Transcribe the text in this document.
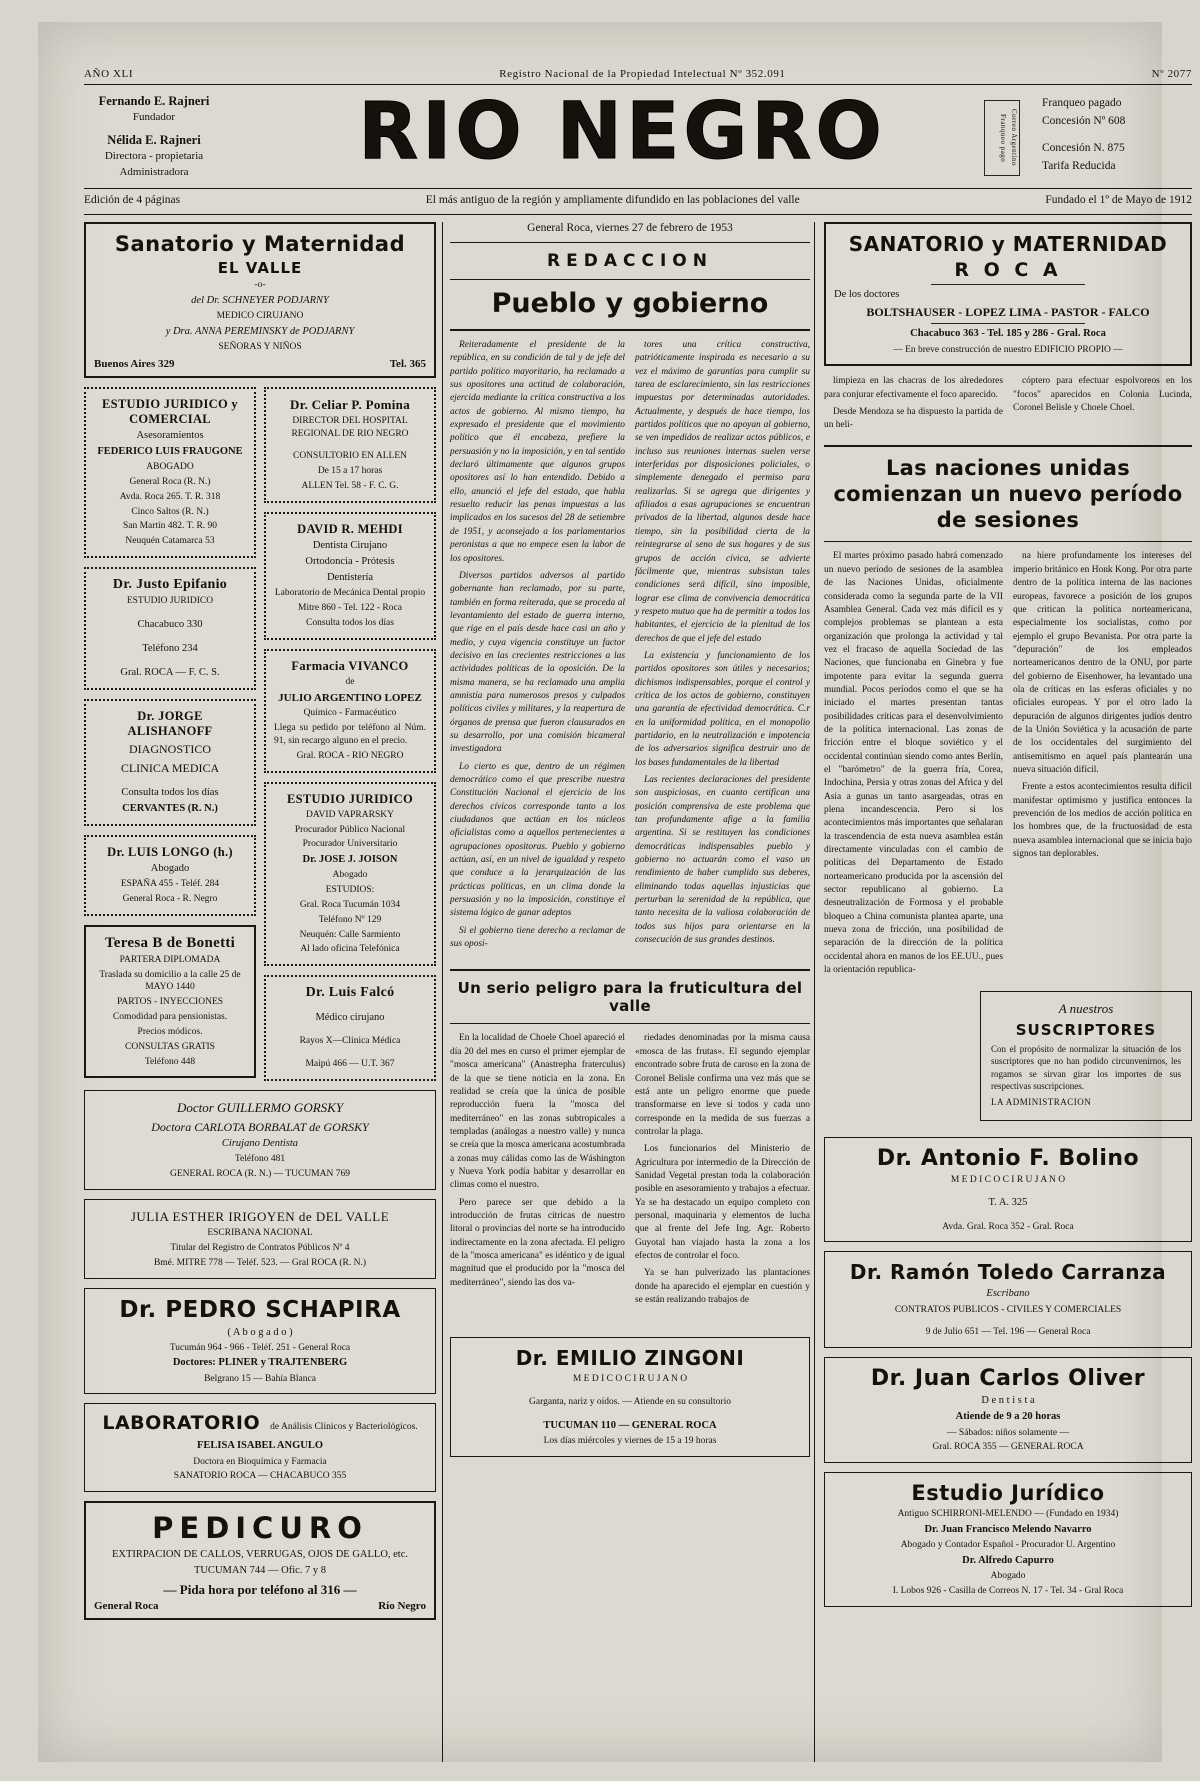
AÑO XLI	Registro Nacional de la Propiedad Intelectual Nº 352.091	Nº 2077
Fernando E. Rajneri
Fundador
Nélida E. Rajneri
Directora - propietaria
Administradora	RIO NEGRO	Franqueo pagado
Concesión Nº 608
Concesión N. 875
Tarifa Reducida
Correo Argentino Franqueo pago
Edición de 4 páginas	El más antiguo de la región y ampliamente difundido en las poblaciones del valle	Fundado el 1º de Mayo de 1912
Sanatorio y Maternidad
EL VALLE

-o-

del Dr. SCHNEYER PODJARNY

MEDICO CIRUJANO

y Dra. ANNA PEREMINSKY de PODJARNY

SEÑORAS Y NIÑOS

Buenos Aires 329	Tel. 365
ESTUDIO JURIDICO y COMERCIAL

Asesoramientos

FEDERICO LUIS FRAUGONE

ABOGADO

General Roca (R. N.)

Avda. Roca 265. T. R. 318

Cinco Saltos (R. N.)

San Martín 482. T. R. 90

Neuquén Catamarca 53

Dr. Justo Epifanio

ESTUDIO JURIDICO

Chacabuco 330

Teléfono 234

Gral. ROCA — F. C. S.

Dr. JORGE ALISHANOFF

DIAGNOSTICO

CLINICA MEDICA

Consulta todos los días

CERVANTES (R. N.)

Dr. LUIS LONGO (h.)

Abogado

ESPAÑA 455 - Teléf. 284

General Roca - R. Negro

Teresa B de Bonetti

PARTERA DIPLOMADA

Traslada su domicilio a la calle 25 de MAYO 1440

PARTOS - INYECCIONES

Comodidad para pensionistas.

Precios módicos.

CONSULTAS GRATIS

Teléfono 448

Dr. Celiar P. Pomina

DIRECTOR DEL HOSPITAL REGIONAL DE RIO NEGRO

CONSULTORIO EN ALLEN

De 15 a 17 horas

ALLEN Tel. 58 - F. C. G.

DAVID R. MEHDI

Dentista Cirujano

Ortodoncia - Prótesis

Dentistería

Laboratorio de Mecánica Dental propio

Mitre 860 - Tel. 122 - Roca

Consulta todos los días

Farmacia VIVANCO

de

JULIO ARGENTINO LOPEZ

Químico - Farmacéutico

Llega su pedido por teléfono al Núm. 91, sin recargo alguno en el precio.

Gral. ROCA - RIO NEGRO

ESTUDIO JURIDICO

DAVID VAPRARSKY

Procurador Público Nacional

Procurador Universitario

Dr. JOSE J. JOISON

Abogado

ESTUDIOS:

Gral. Roca Tucumán 1034

Teléfono Nº 129

Neuquén: Calle Sarmiento

Al lado oficina Telefónica

Dr. Luis Falcó

Médico cirujano

Rayos X—Clínica Médica

Maipú 466 — U.T. 367

Doctor GUILLERMO GORSKY

Doctora CARLOTA BORBALAT de GORSKY

Cirujano Dentista

Teléfono 481

GENERAL ROCA (R. N.) — TUCUMAN 769

JULIA ESTHER IRIGOYEN de DEL VALLE

ESCRIBANA NACIONAL

Titular del Registro de Contratos Públicos Nº 4

Bmé. MITRE 778 — Teléf. 523. — Gral ROCA (R. N.)

Dr. PEDRO SCHAPIRA

( A b o g a d o )

Tucumán 964 - 966 - Teléf. 251 - General Roca

Doctores: PLINER y TRAJTENBERG

Belgrano 15 — Bahía Blanca

LABORATORIO de Análisis Clínicos y Bacteriológicos.

FELISA ISABEL ANGULO

Doctora en Bioquímica y Farmacia

SANATORIO ROCA — CHACABUCO 355

PEDICURO

EXTIRPACION DE CALLOS, VERRUGAS, OJOS DE GALLO, etc.

TUCUMAN 744 — Ofic. 7 y 8

— Pida hora por teléfono al 316 —

General Roca	Río Negro
General Roca, viernes 27 de febrero de 1953
REDACCION
Pueblo y gobierno

Reiteradamente el presidente de la república, en su condición de tal y de jefe del partido político mayoritario, ha reclamado a sus opositores una actitud de colaboración, ejercida mediante la crítica constructiva a los actos de gobierno. Al mismo tiempo, ha expresado el presidente que el movimiento político que él encabeza, prefiere la persuasión y no la imposición, y en tal sentido declaró últimamente que algunos grupos opositores así lo han entendido. Debido a ello, anunció el jefe del estado, que habla resuelto reducir las penas impuestas a las implicados en los sucesos del 28 de setiembre de 1951, y aconsejado a los parlamentarios peronistas a que no empece esen la labor de los opositores.

Diversos partidos adversos al partido gobernante han reclamado, por su parte, también en forma reiterada, que se proceda al levantamiento del estado de guerra interno, que rige en el país desde hace casi un año y medio, y cuya vigencia constituye un factor decisivo en las crecientes restricciones a las actividades políticas de la oposición. De la misma manera, se ha reclamado una amplia amnistía para numerosos presos y culpados políticos civiles y militares, y la reapertura de órganos de prensa que fueron clausurados en su desarrollo, por una comisión bicameral investigadora

Lo cierto es que, dentro de un régimen democrático como el que prescribe nuestra Constitución Nacional el ejercicio de los derechos cívicos corresponde tanto a los ciudadanos que actúan en los núcleos oficialistas como a aquellos pertenecientes a agrupaciones opositoras. Pueblo y gobierno actúan, así, en un nivel de igualdad y respeto que conduce a la jerarquización de las prácticas políticas, en un clima donde la persuasión y no la imposición, constituye el sistema lógico de ganar adeptos

Si el gobierno tiene derecho a reclamar de sus oposi-

tores una crítica constructiva, patrióticamente inspirada es necesario a su vez el máximo de garantías para cumplir su tarea de esclarecimiento, sin las restricciones impuestas por determinadas autoridades. Actualmente, y después de hace tiempo, los partidos políticos que no apoyan al gobierno, se ven impedidos de realizar actos públicos, e incluso sus reuniones internas suelen verse interferidas por disposiciones policiales, o simplemente denegado el permiso para realizarlas. Si se agrega que dirigentes y afiliados a esas agrupaciones se encuentran privados de la libertad, algunos desde hace tiempo, sin la posibilidad cierta de la reintegrarse al seno de sus hogares y de sus grupos de acción cívica, se advierte fácilmente que, mientras subsistan tales condiciones será difícil, sino imposible, lograr ese clima de convivencia democrática y respeto mutuo que ha de permitir a todos los habitantes, el ejercicio de la plenitud de los derechos de que el jefe del estado

La existencia y funcionamiento de los partidos opositores son útiles y necesarios; dichismos indispensables, porque el control y crítica de los actos de gobierno, constituyen una garantía de efectividad democrática. C.r en la uniformidad política, en el monopolio partidario, en la neutralización e impotencia de los adversarios significa destruir uno de los bases fundamentales de la libertad

Las recientes declaraciones del presidente son auspiciosas, en cuanto certifican una posición comprensiva de este problema que tan profundamente afige a la familia argentina. Si se restituyen las condiciones democráticas indispensables pueblo y gobierno no actuarán como el vaso un rendimiento de haber cumplido sus deberes, eliminando todas aquellas injusticias que perturban la serenidad de la república, que tanto necesita de la valiosa colaboración de todos sus hijos para orientarse en la consecución de sus grandes destinos.

Un serio peligro para la fruticultura del valle

En la localidad de Choele Choel apareció el día 20 del mes en curso el primer ejemplar de "mosca americana" (Anastrepha fraterculus) de la que se tiene noticia en la zona. En realidad se creía que la única de posible reproducción fuera la "mosca del mediterráneo" en las zonas subtropicales a templadas (análogas a nuestro valle) y nunca se creía que la mosca americana acostumbrada a zonas muy cálidas como las de Wáshington y Nueva York podía habitar y desarrollar en climas como el nuestro.

Pero parece ser que debido a la introducción de frutas cítricas de nuestro litoral o provincias del norte se ha introducido indirectamente en la zona afectada. El peligro de la "mosca americana" es idéntico y de igual magnitud que el producido por la "mosca del mediterráneo", siendo las dos va-

riedades denominadas por la misma causa «mosca de las frutas». El segundo ejemplar encontrado sobre fruta de caroso en la zona de Coronel Belisle confirma una vez más que se está ante un peligro enorme que puede transformarse en leve si todos y cada uno corresponde en la medida de sus fuerzas a controlar la plaga.

Los funcionarios del Ministerio de Agricultura por intermedio de la Dirección de Sanidad Vegetal prestan toda la colaboración posible en asesoramiento y trabajos a efectuar. Ya se ha destacado un equipo completo con personal, maquinaria y elementos de lucha que al frente del Jefe Ing. Agr. Roberto Guyotal han viajado hasta la zona a los efectos de controlar el foco.

Ya se han pulverizado las plantaciones donde ha aparecido el ejemplar en cuestión y se están realizando trabajos de

Dr. EMILIO ZINGONI

M E D I C O C I R U J A N O

Garganta, nariz y oídos. — Atiende en su consultorio

TUCUMAN 110 — GENERAL ROCA

Los días miércoles y viernes de 15 a 19 horas

SANATORIO y MATERNIDAD
R O C A

De los doctores

BOLTSHAUSER - LOPEZ LIMA - PASTOR - FALCO

Chacabuco 363 - Tel. 185 y 286 - Gral. Roca

— En breve construcción de nuestro EDIFICIO PROPIO —

limpieza en las chacras de los alrededores para conjurar efectivamente el foco aparecido.

Desde Mendoza se ha dispuesto la partida de un heli-

cóptero para efectuar espolvoreos en los "focos" aparecidos en Colonia Lucinda, Coronel Belisle y Choele Choel.

Las naciones unidas comienzan un nuevo período de sesiones

El martes próximo pasado habrá comenzado un nuevo período de sesiones de la asamblea de las Naciones Unidas, oficialmente considerada como la segunda parte de la VII Asamblea General. Cada vez más difícil es y complejos problemas se plantean a esta organización que prolonga la actividad y tal vez el fracaso de aquella Sociedad de las Naciones, que funcionaba en Ginebra y fue impotente para evitar la segunda guerra mundial. Pocos períodos como el que se ha iniciado el martes presentan tantas posibilidades críticas para el desenvolvimiento de la política internacional. Las zonas de fricción entre el bloque soviético y el occidental continúan siendo como antes Berlín, el "barómetro" de la guerra fría, Corea, Indochina, Persia y otras zonas del Africa y del Asia a gunas un tanto asargeadas, otras en plena incandescencia. Pero si los acontecimientos más importantes que señalaran la trascendencia de esta nueva asamblea están directamente vinculadas con el cambio de políticas del Departamento de Estado norteamericano producida por la ascensión del sector republicano al gobierno. La desneutralización de Formosa y el probable bloqueo a China comunista plantea aparte, una nueva zona de fricción, una posibilidad de separación de la dirección de la política occidental ahora en manos de los EE.UU., pues la orientación republica-

na hiere profundamente los intereses del imperio británico en Honk Kong. Por otra parte dentro de la política interna de las naciones europeas, favorece a posición de los grupos que critican la política norteamericana, especialmente los socialistas, como por ejemplo el grupo Bevanista. Por otra parte la "depuración" de los empleados norteamericanos dentro de la ONU, por parte del gobierno de Eisenhower, ha levantado una ola de críticas en las esferas oficiales y no oficiales europeas. Y por el otro lado la depuración de algunos dirigentes judíos dentro de la Unión Soviética y la acusación de parte de los occidentales del surgimiento del antisemitismo en aquel país plantearán una nueva situación difícil.

Frente a estos acontecimientos resulta difícil manifestar optimismo y justifica entonces la prevención de los medios de acción política en los hombres que, de la fructuosidad de esta nueva asamblea internacional que se inicia bajo signos tan deplorables.

A nuestros

SUSCRIPTORES

Con el propósito de normalizar la situación de los suscriptores que no han podido circunvenirnos, les rogamos se sirvan girar los importes de sus respectivas suscripciones.

LA ADMINISTRACION

Dr. Antonio F. Bolino

M E D I C O C I R U J A N O

T. A. 325

Avda. Gral. Roca 352 - Gral. Roca

Dr. Ramón Toledo Carranza

Escribano

CONTRATOS PUBLICOS - CIVILES Y COMERCIALES

9 de Julio 651 — Tel. 196 — General Roca

Dr. Juan Carlos Oliver

D e n t i s t a

Atiende de 9 a 20 horas

— Sábados: niños solamente —

Gral. ROCA 355 — GENERAL ROCA

Estudio Jurídico

Antiguo SCHIRRONI-MELENDO — (Fundado en 1934)

Dr. Juan Francisco Melendo Navarro

Abogado y Contador Español - Procurador U. Argentino

Dr. Alfredo Capurro

Abogado

I. Lobos 926 - Casilla de Correos N. 17 - Tel. 34 - Gral Roca
